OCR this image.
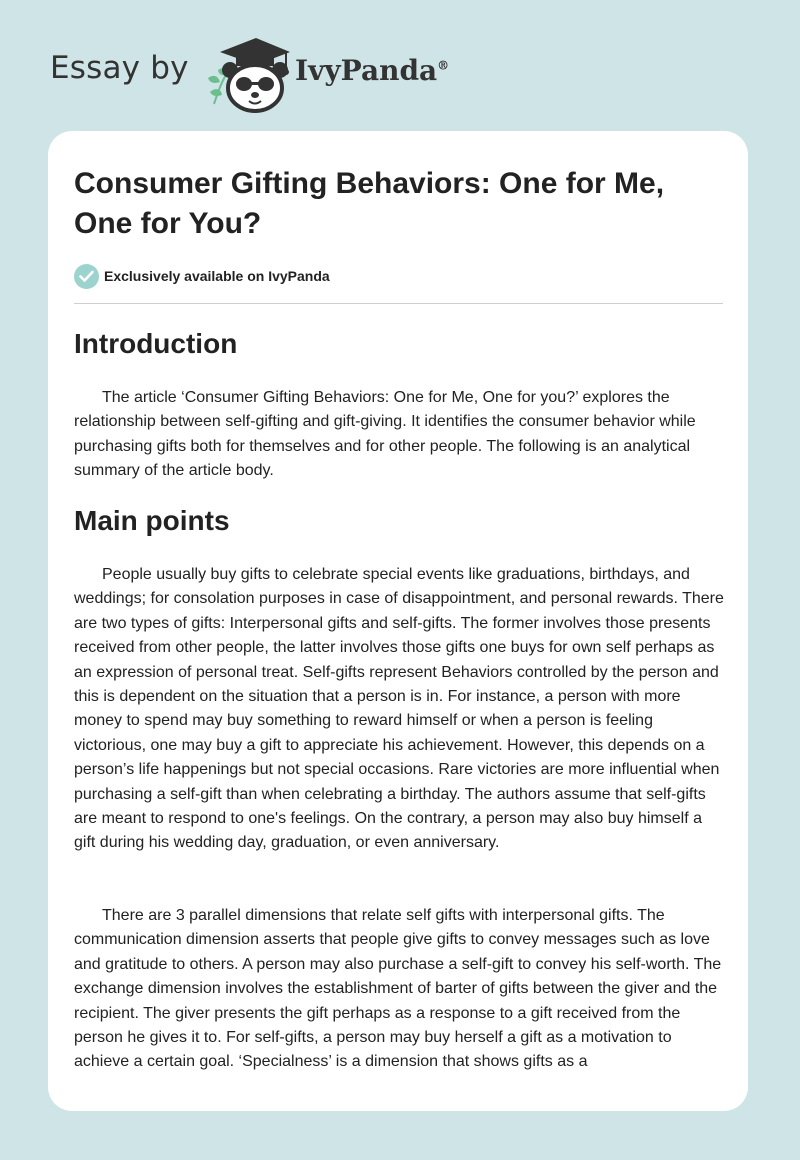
Essay by	IvyPanda®
Consumer Gifting Behaviors: One for Me, One for You?
Exclusively available on IvyPanda
Introduction

The article ‘Consumer Gifting Behaviors: One for Me, One for you?’ explores the relationship between self-gifting and gift-giving. It identifies the consumer behavior while purchasing gifts both for themselves and for other people. The following is an analytical summary of the article body.

Main points

People usually buy gifts to celebrate special events like graduations, birthdays, and weddings; for consolation purposes in case of disappointment, and personal rewards. There are two types of gifts: Interpersonal gifts and self-gifts. The former involves those presents received from other people, the latter involves those gifts one buys for own self perhaps as an expression of personal treat. Self-gifts represent Behaviors controlled by the person and this is dependent on the situation that a person is in. For instance, a person with more money to spend may buy something to reward himself or when a person is feeling victorious, one may buy a gift to appreciate his achievement. However, this depends on a person’s life happenings but not special occasions. Rare victories are more influential when purchasing a self-gift than when celebrating a birthday. The authors assume that self-gifts are meant to respond to one's feelings. On the contrary, a person may also buy himself a gift during his wedding day, graduation, or even anniversary.

There are 3 parallel dimensions that relate self gifts with interpersonal gifts. The communication dimension asserts that people give gifts to convey messages such as love and gratitude to others. A person may also purchase a self-gift to convey his self-worth. The exchange dimension involves the establishment of barter of gifts between the giver and the recipient. The giver presents the gift perhaps as a response to a gift received from the person he gives it to. For self-gifts, a person may buy herself a gift as a motivation to achieve a certain goal. ‘Specialness’ is a dimension that shows gifts as a
